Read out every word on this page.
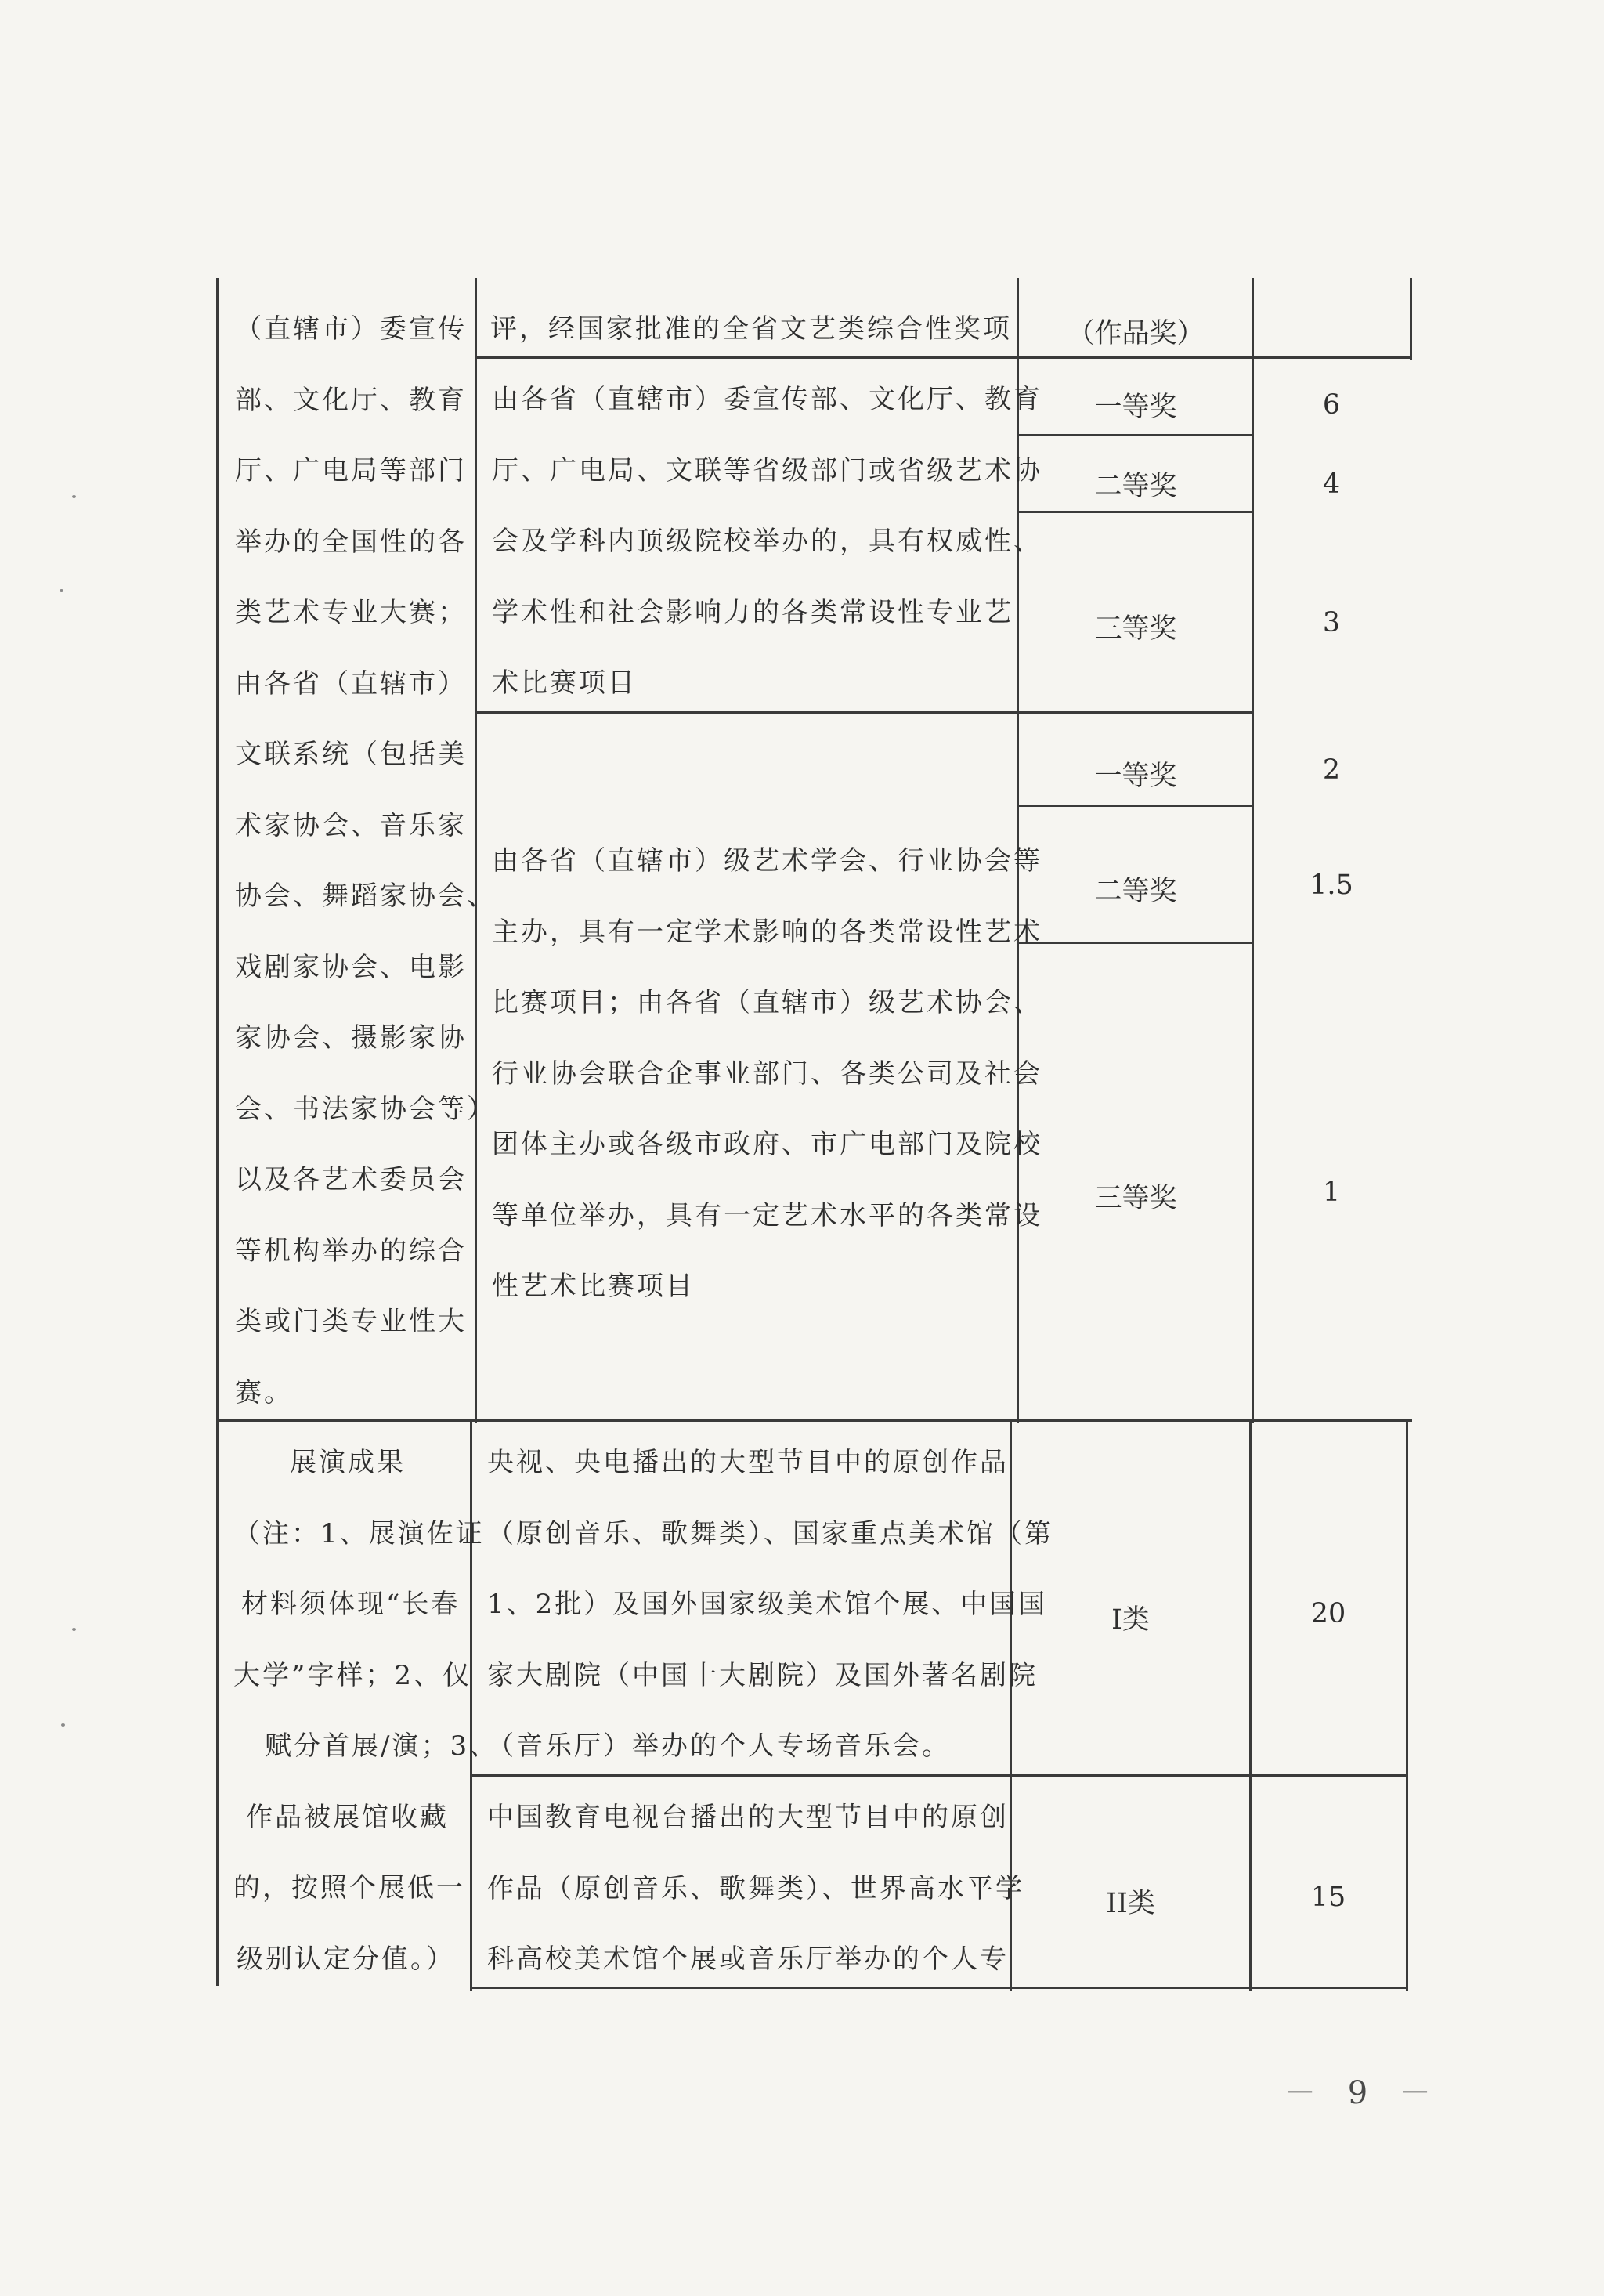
（直辖市）委宣传
部、文化厅、教育
厅、广电局等部门
举办的全国性的各
类艺术专业大赛；
由各省（直辖市）
文联系统（包括美
术家协会、音乐家
协会、舞蹈家协会、
戏剧家协会、电影
家协会、摄影家协
会、书法家协会等）
以及各艺术委员会
等机构举办的综合
类或门类专业性大
赛。
展演成果
（注：1、展演佐证
材料须体现“长春
大学”字样；2、仅
赋分首展/演；3、
作品被展馆收藏
的，按照个展低一
级别认定分值。）
评，经国家批准的全省文艺类综合性奖项
由各省（直辖市）委宣传部、文化厅、教育
厅、广电局、文联等省级部门或省级艺术协
会及学科内顶级院校举办的，具有权威性、
学术性和社会影响力的各类常设性专业艺
术比赛项目
由各省（直辖市）级艺术学会、行业协会等
主办，具有一定学术影响的各类常设性艺术
比赛项目；由各省（直辖市）级艺术协会、
行业协会联合企事业部门、各类公司及社会
团体主办或各级市政府、市广电部门及院校
等单位举办，具有一定艺术水平的各类常设
性艺术比赛项目
央视、央电播出的大型节目中的原创作品
（原创音乐、歌舞类）、国家重点美术馆（第
1、2批）及国外国家级美术馆个展、中国国
家大剧院（中国十大剧院）及国外著名剧院
（音乐厅）举办的个人专场音乐会。
中国教育电视台播出的大型节目中的原创
作品（原创音乐、歌舞类）、世界高水平学
科高校美术馆个展或音乐厅举办的个人专
（作品奖）
一等奖
二等奖
三等奖
一等奖
二等奖
三等奖
I类
II类
6
4
3
2
1.5
1
20
15
－ 9 －
